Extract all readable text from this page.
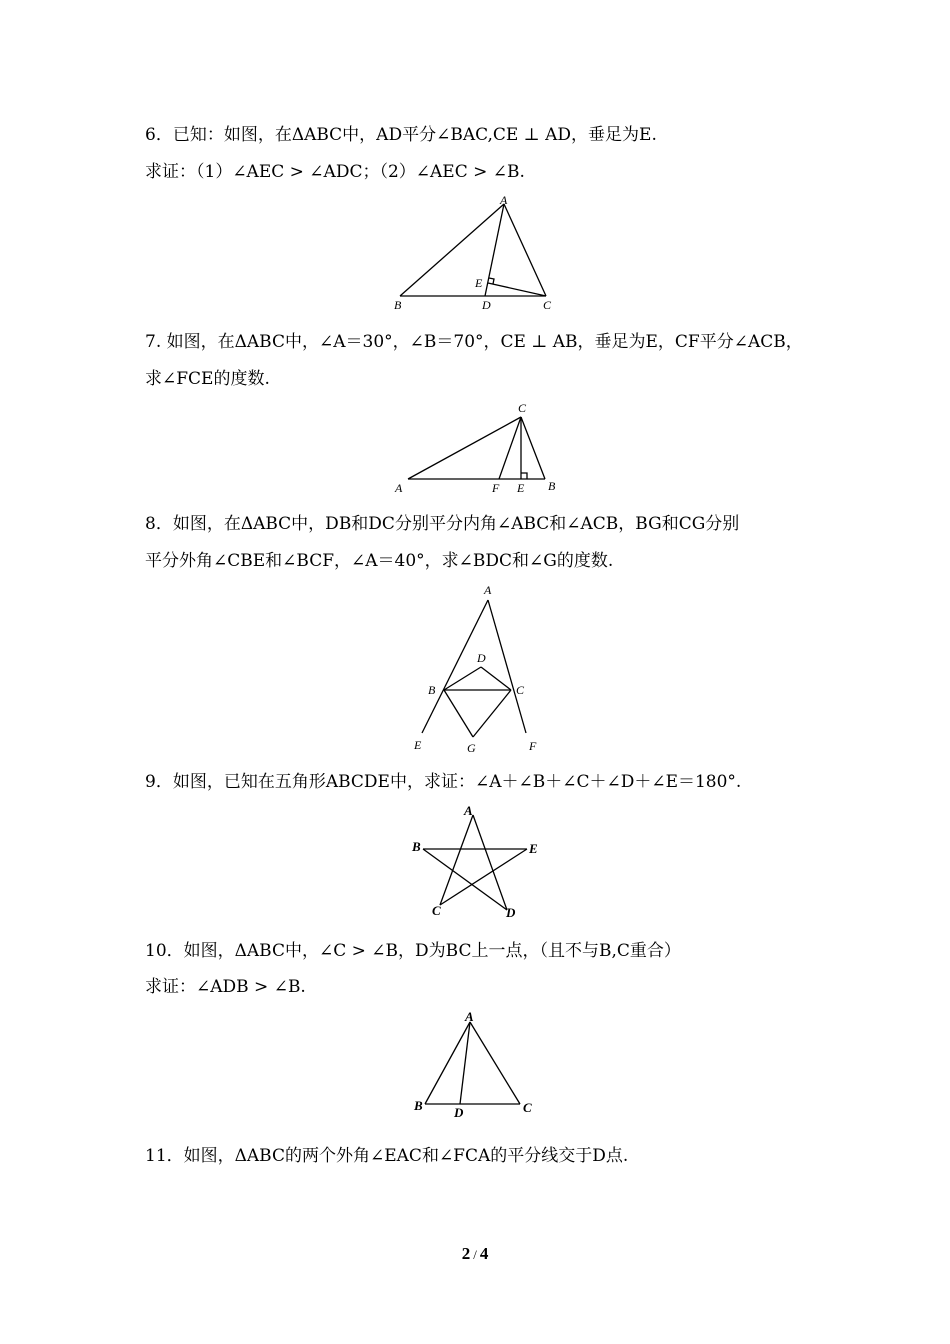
6．已知：如图，在ΔABC中，AD平分∠BAC,CE ⊥ AD，垂足为E.
求证：（1）∠AEC > ∠ADC；（2）∠AEC > ∠B.
A
B	C
D
E
7. 如图，在ΔABC中，∠A＝30°，∠B＝70°，CE ⊥ AB，垂足为E，CF平分∠ACB，
求∠FCE的度数.
A	B
C
E
F
8．如图，在ΔABC中，DB和DC分别平分内角∠ABC和∠ACB，BG和CG分别
平分外角∠CBE和∠BCF，∠A＝40°，求∠BDC和∠G的度数.
A
D
B	C
E	G	F
9．如图，已知在五角形ABCDE中，求证：∠A＋∠B＋∠C＋∠D＋∠E＝180°.
A
B	E
C	D
10．如图，ΔABC中，∠C > ∠B，D为BC上一点，（且不与B,C重合）
求证：∠ADB > ∠B.
A
B	C
D
11．如图，ΔABC的两个外角∠EAC和∠FCA的平分线交于D点.
2 / 4
